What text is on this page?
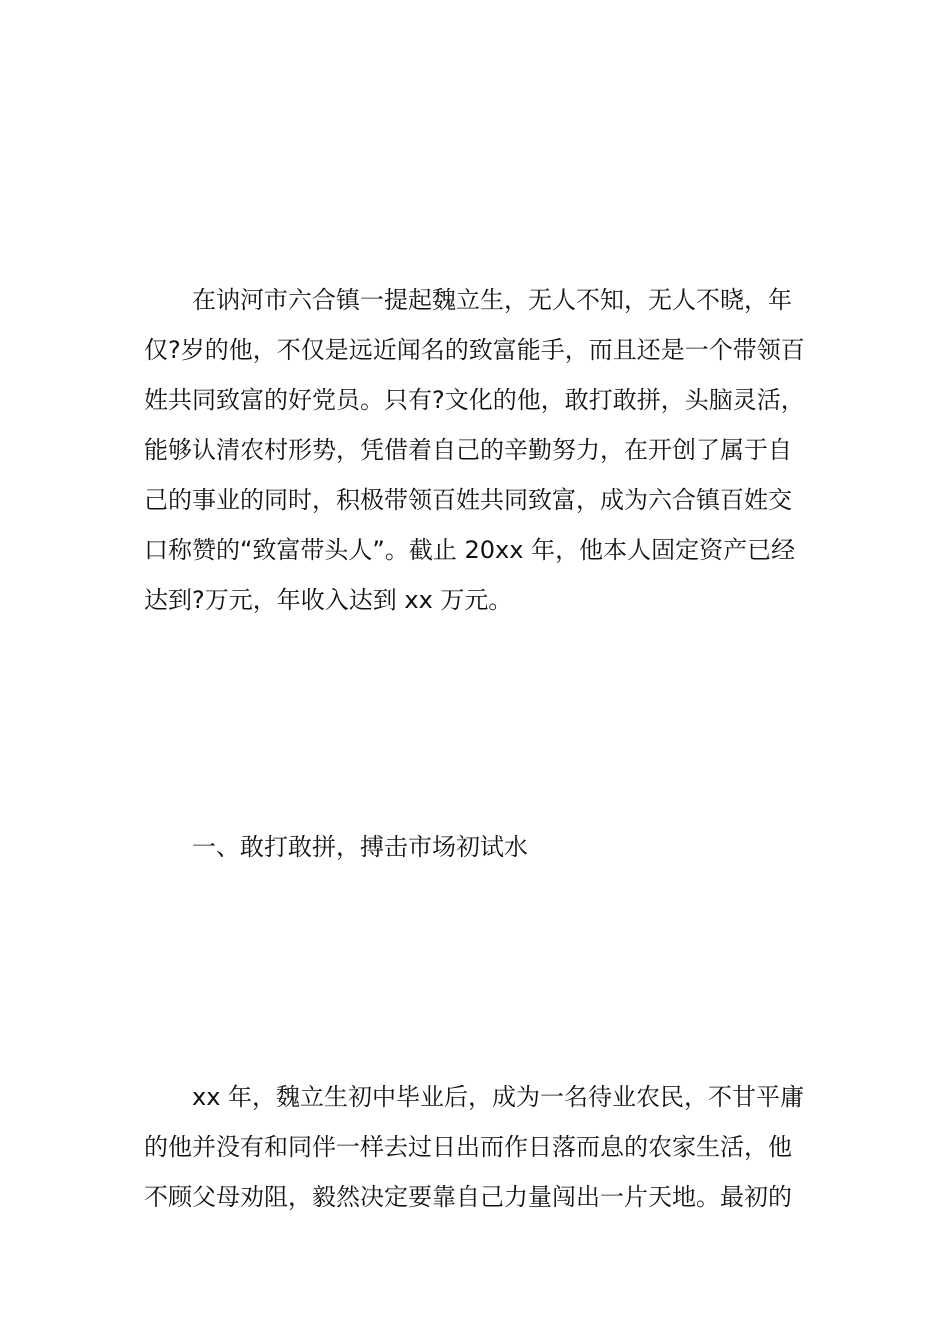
在讷河市六合镇一提起魏立生，无人不知，无人不晓，年
仅?岁的他，不仅是远近闻名的致富能手，而且还是一个带领百
姓共同致富的好党员。只有?文化的他，敢打敢拼，头脑灵活，
能够认清农村形势，凭借着自己的辛勤努力，在开创了属于自
己的事业的同时，积极带领百姓共同致富，成为六合镇百姓交
口称赞的“致富带头人”。截止 20xx 年，他本人固定资产已经
达到?万元，年收入达到 xx 万元。
一、敢打敢拼，搏击市场初试水
xx 年，魏立生初中毕业后，成为一名待业农民，不甘平庸
的他并没有和同伴一样去过日出而作日落而息的农家生活，他
不顾父母劝阻，毅然决定要靠自己力量闯出一片天地。最初的
